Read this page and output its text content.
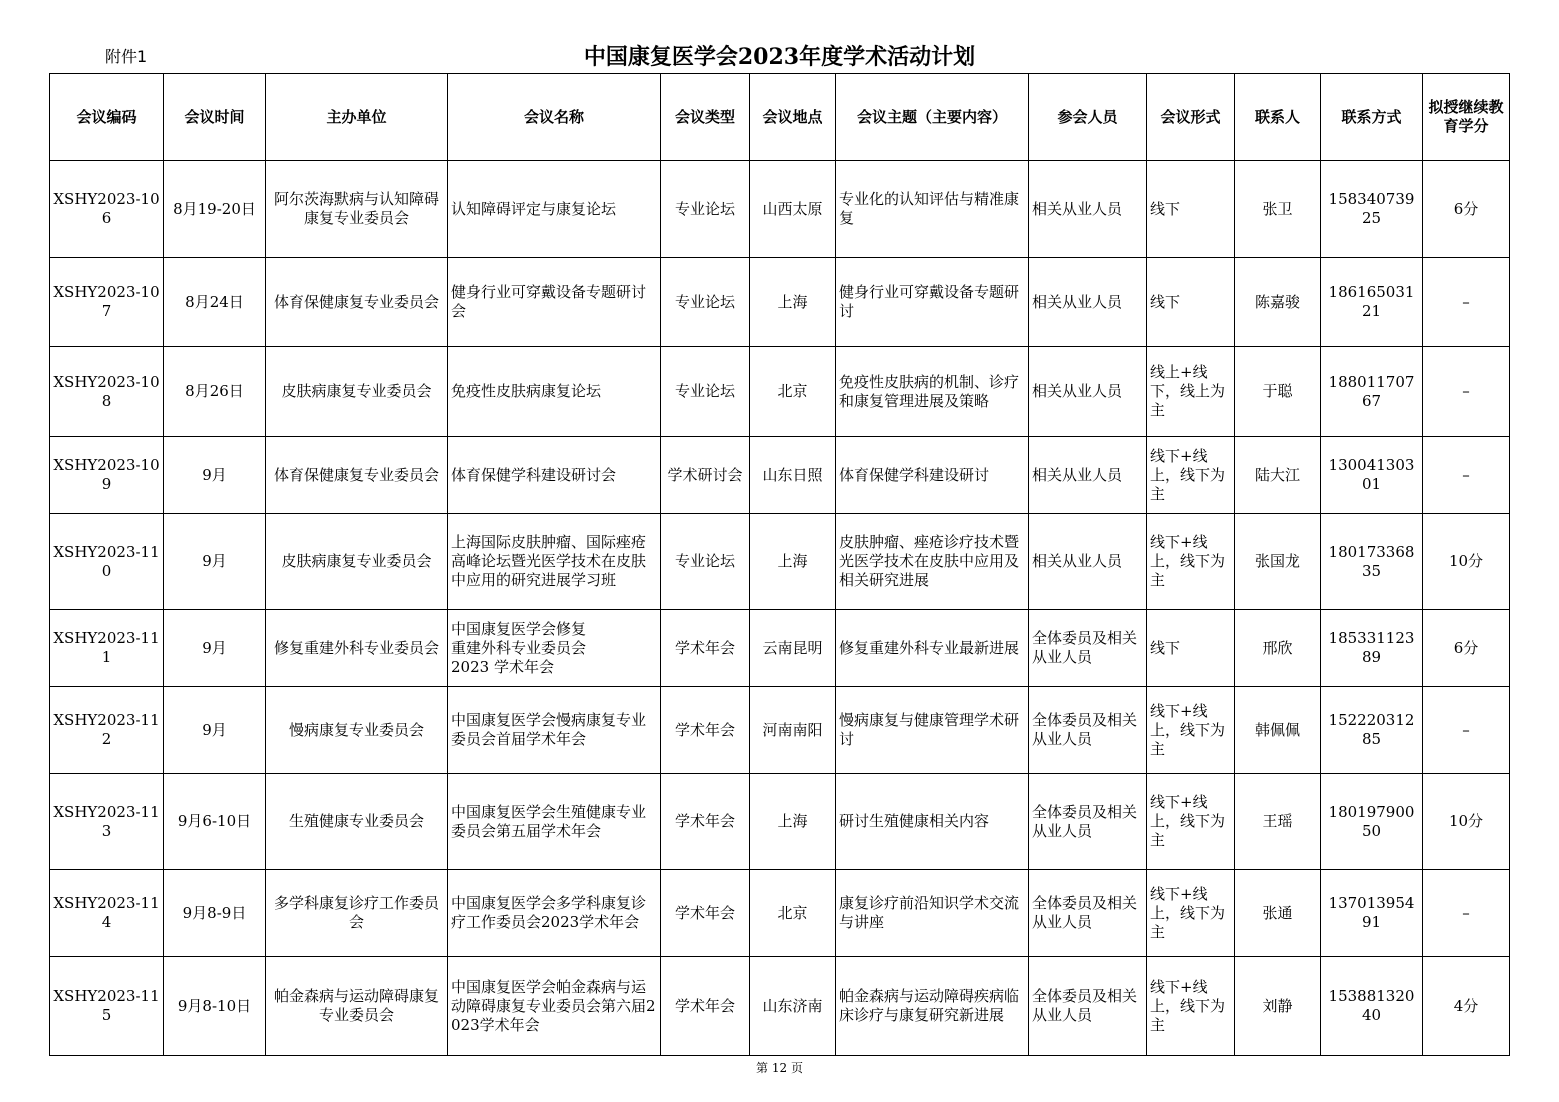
附件1	中国康复医学会2023年度学术活动计划
会议编码	会议时间	主办单位	会议名称	会议类型	会议地点	会议主题（主要内容）	参会人员	会议形式	联系人	联系方式	拟授继续教育学分
XSHY2023-106	8月19-20日	阿尔茨海默病与认知障碍康复专业委员会	认知障碍评定与康复论坛	专业论坛	山西太原	专业化的认知评估与精准康复	相关从业人员	线下	张卫	15834073925	6分
XSHY2023-107	8月24日	体育保健康复专业委员会	健身行业可穿戴设备专题研讨会	专业论坛	上海	健身行业可穿戴设备专题研讨	相关从业人员	线下	陈嘉骏	18616503121	–
XSHY2023-108	8月26日	皮肤病康复专业委员会	免疫性皮肤病康复论坛	专业论坛	北京	免疫性皮肤病的机制、诊疗和康复管理进展及策略	相关从业人员	线上+线下，线上为主	于聪	18801170767	–
XSHY2023-109	9月	体育保健康复专业委员会	体育保健学科建设研讨会	学术研讨会	山东日照	体育保健学科建设研讨	相关从业人员	线下+线上，线下为主	陆大江	13004130301	–
XSHY2023-110	9月	皮肤病康复专业委员会	上海国际皮肤肿瘤、国际痤疮高峰论坛暨光医学技术在皮肤中应用的研究进展学习班	专业论坛	上海	皮肤肿瘤、痤疮诊疗技术暨光医学技术在皮肤中应用及相关研究进展	相关从业人员	线下+线上，线下为主	张国龙	18017336835	10分
XSHY2023-111	9月	修复重建外科专业委员会	中国康复医学会修复
重建外科专业委员会
2023 学术年会	学术年会	云南昆明	修复重建外科专业最新进展	全体委员及相关从业人员	线下	邢欣	18533112389	6分
XSHY2023-112	9月	慢病康复专业委员会	中国康复医学会慢病康复专业委员会首届学术年会	学术年会	河南南阳	慢病康复与健康管理学术研讨	全体委员及相关从业人员	线下+线上，线下为主	韩佩佩	15222031285	–
XSHY2023-113	9月6-10日	生殖健康专业委员会	中国康复医学会生殖健康专业委员会第五届学术年会	学术年会	上海	研讨生殖健康相关内容	全体委员及相关从业人员	线下+线上，线下为主	王瑶	18019790050	10分
XSHY2023-114	9月8-9日	多学科康复诊疗工作委员会	中国康复医学会多学科康复诊疗工作委员会2023学术年会	学术年会	北京	康复诊疗前沿知识学术交流与讲座	全体委员及相关从业人员	线下+线上，线下为主	张通	13701395491	–
XSHY2023-115	9月8-10日	帕金森病与运动障碍康复专业委员会	中国康复医学会帕金森病与运动障碍康复专业委员会第六届2023学术年会	学术年会	山东济南	帕金森病与运动障碍疾病临床诊疗与康复研究新进展	全体委员及相关从业人员	线下+线上，线下为主	刘静	15388132040	4分
第 12 页
